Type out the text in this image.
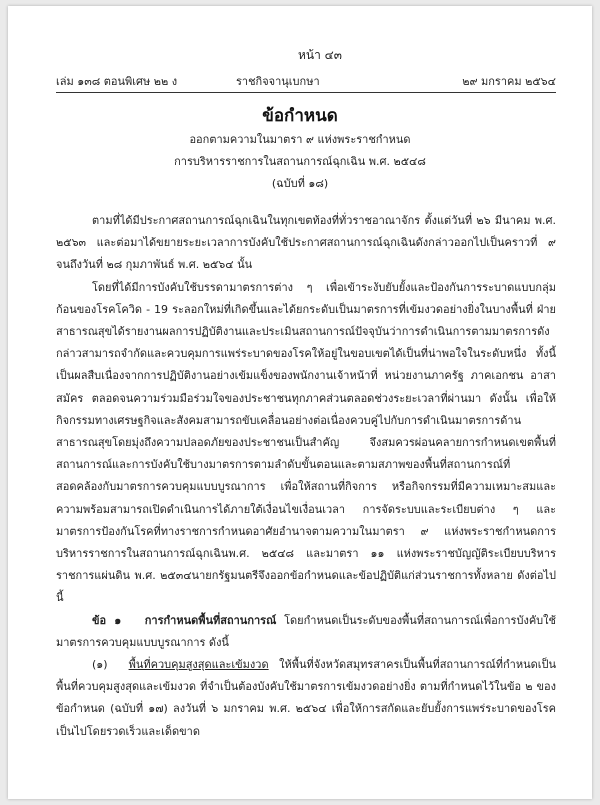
หน้า ๔๓
เล่ม ๑๓๘ ตอนพิเศษ ๒๒ ง	ราชกิจจานุเบกษา	๒๙ มกราคม ๒๕๖๔
ข้อกำหนด
ออกตามความในมาตรา ๙ แห่งพระราชกำหนด
การบริหารราชการในสถานการณ์ฉุกเฉิน พ.ศ. ๒๕๔๘
(ฉบับที่ ๑๘)

ตามที่ได้มีประกาศสถานการณ์ฉุกเฉินในทุกเขตท้องที่ทั่วราชอาณาจักร ตั้งแต่วันที่ ๒๖ มีนาคม พ.ศ. ๒๕๖๓ และต่อมาได้ขยายระยะเวลาการบังคับใช้ประกาศสถานการณ์ฉุกเฉินดังกล่าวออกไปเป็นคราวที่ ๙ จนถึงวันที่ ๒๘ กุมภาพันธ์ พ.ศ. ๒๕๖๔ นั้น

โดยที่ได้มีการบังคับใช้บรรดามาตรการต่าง ๆ เพื่อเข้าระงับยับยั้งและป้องกันการระบาดแบบกลุ่มก้อนของโรคโควิด - 19 ระลอกใหม่ที่เกิดขึ้นและได้ยกระดับเป็นมาตรการที่เข้มงวดอย่างยิ่งในบางพื้นที่ ฝ่ายสาธารณสุขได้รายงานผลการปฏิบัติงานและประเมินสถานการณ์ปัจจุบันว่าการดำเนินการตามมาตรการดังกล่าวสามารถจำกัดและควบคุมการแพร่ระบาดของโรคให้อยู่ในขอบเขตได้เป็นที่น่าพอใจในระดับหนึ่ง ทั้งนี้ เป็นผลสืบเนื่องจากการปฏิบัติงานอย่างเข้มแข็งของพนักงานเจ้าหน้าที่ หน่วยงานภาครัฐ ภาคเอกชน อาสาสมัคร ตลอดจนความร่วมมือร่วมใจของประชาชนทุกภาคส่วนตลอดช่วงระยะเวลาที่ผ่านมา ดังนั้น เพื่อให้กิจกรรมทางเศรษฐกิจและสังคมสามารถขับเคลื่อนอย่างต่อเนื่องควบคู่ไปกับการดำเนินมาตรการด้านสาธารณสุขโดยมุ่งถึงความปลอดภัยของประชาชนเป็นสำคัญ จึงสมควรผ่อนคลายการกำหนดเขตพื้นที่สถานการณ์และการบังคับใช้บางมาตรการตามลำดับขั้นตอนและตามสภาพของพื้นที่สถานการณ์ที่สอดคล้องกับมาตรการควบคุมแบบบูรณาการ เพื่อให้สถานที่กิจการ หรือกิจกรรมที่มีความเหมาะสมและความพร้อมสามารถเปิดดำเนินการได้ภายใต้เงื่อนไขเงื่อนเวลา การจัดระบบและระเบียบต่าง ๆ และมาตรการป้องกันโรคที่ทางราชการกำหนดอาศัยอำนาจตามความในมาตรา ๙ แห่งพระราชกำหนดการบริหารราชการในสถานการณ์ฉุกเฉินพ.ศ. ๒๕๔๘ และมาตรา ๑๑ แห่งพระราชบัญญัติระเบียบบริหารราชการแผ่นดิน พ.ศ. ๒๕๓๔นายกรัฐมนตรีจึงออกข้อกำหนดและข้อปฏิบัติแก่ส่วนราชการทั้งหลาย ดังต่อไปนี้

ข้อ ๑ การกำหนดพื้นที่สถานการณ์ โดยกำหนดเป็นระดับของพื้นที่สถานการณ์เพื่อการบังคับใช้มาตรการควบคุมแบบบูรณาการ ดังนี้

(๑) พื้นที่ควบคุมสูงสุดและเข้มงวด ให้พื้นที่จังหวัดสมุทรสาครเป็นพื้นที่สถานการณ์ที่กำหนดเป็นพื้นที่ควบคุมสูงสุดและเข้มงวด ที่จำเป็นต้องบังคับใช้มาตรการเข้มงวดอย่างยิ่ง ตามที่กำหนดไว้ในข้อ ๒ ของข้อกำหนด (ฉบับที่ ๑๗) ลงวันที่ ๖ มกราคม พ.ศ. ๒๕๖๔ เพื่อให้การสกัดและยับยั้งการแพร่ระบาดของโรคเป็นไปโดยรวดเร็วและเด็ดขาด
